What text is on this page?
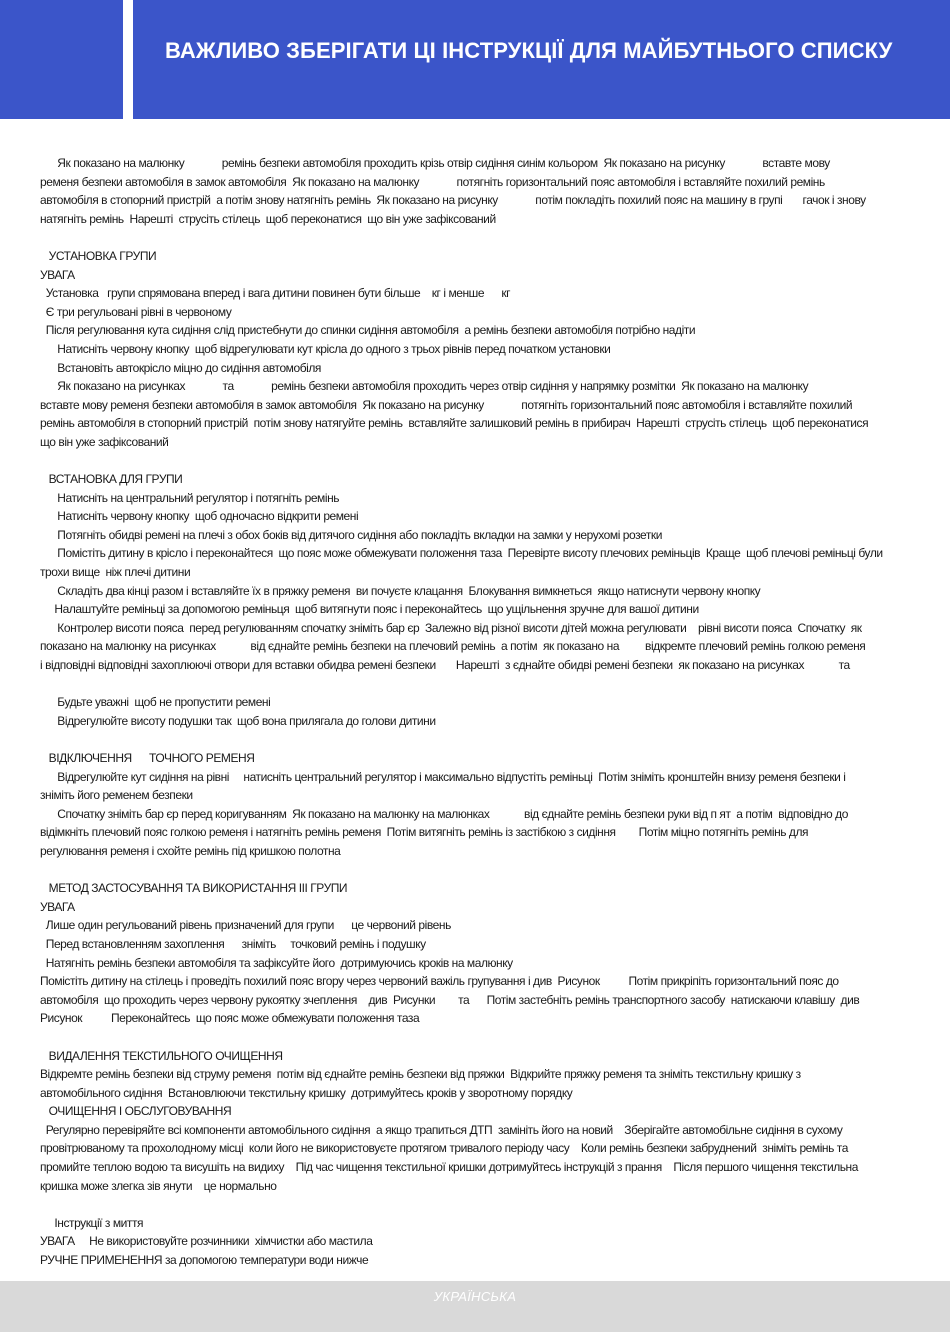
ВАЖЛИВО ЗБЕРІГАТИ ЦІ ІНСТРУКЦІЇ ДЛЯ МАЙБУТНЬОГО СПИСКУ

Як показано на малюнку             ремінь безпеки автомобіля проходить крізь отвір сидіння синім кольором  Як показано на рисунку             вставте мову

ременя безпеки автомобіля в замок автомобіля  Як показано на малюнку             потягніть горизонтальний пояс автомобіля і вставляйте похилий ремінь

автомобіля в стопорний пристрій  а потім знову натягніть ремінь  Як показано на рисунку             потім покладіть похилий пояс на машину в групі       гачок і знову

натягніть ремінь  Нарешті  струсіть стілець  щоб переконатися  що він уже зафіксований

УСТАНОВКА ГРУПИ

УВАГА

Установка   групи спрямована вперед і вага дитини повинен бути більше    кг і менше      кг

Є три регульовані рівні в червоному

Після регулювання кута сидіння слід пристебнути до спинки сидіння автомобіля  а ремінь безпеки автомобіля потрібно надіти

Натисніть червону кнопку  щоб відрегулювати кут крісла до одного з трьох рівнів перед початком установки

Встановіть автокрісло міцно до сидіння автомобіля

Як показано на рисунках             та             ремінь безпеки автомобіля проходить через отвір сидіння у напрямку розмітки  Як показано на малюнку

вставте мову ременя безпеки автомобіля в замок автомобіля  Як показано на рисунку             потягніть горизонтальний пояс автомобіля і вставляйте похилий

ремінь автомобіля в стопорний пристрій  потім знову натягуйте ремінь  вставляйте залишковий ремінь в прибирач  Нарешті  струсіть стілець  щоб переконатися

що він уже зафіксований

ВСТАНОВКА ДЛЯ ГРУПИ

Натисніть на центральний регулятор і потягніть ремінь

Натисніть червону кнопку  щоб одночасно відкрити ремені

Потягніть обидві ремені на плечі з обох боків від дитячого сидіння або покладіть вкладки на замки у нерухомі розетки

Помістіть дитину в крісло і переконайтеся  що пояс може обмежувати положення таза  Перевірте висоту плечових реміньців  Краще  щоб плечові реміньці були

трохи вище  ніж плечі дитини

Складіть два кінці разом і вставляйте їх в пряжку ременя  ви почуєте клацання  Блокування вимкнеться  якщо натиснути червону кнопку

Налаштуйте реміньці за допомогою реміньця  щоб витягнути пояс і переконайтесь  що ущільнення зручне для вашої дитини

Контролер висоти пояса  перед регулюванням спочатку зніміть бар єр  Залежно від різної висоти дітей можна регулювати    рівні висоти пояса  Спочатку  як

показано на малюнку на рисунках            від єднайте ремінь безпеки на плечовий ремінь  а потім  як показано на         відкремте плечовий ремінь голкою ременя

і відповідні відповідні захоплюючі отвори для вставки обидва ремені безпеки       Нарешті  з єднайте обидві ремені безпеки  як показано на рисунках            та

Будьте уважні  щоб не пропустити ремені

Відрегулюйте висоту подушки так  щоб вона прилягала до голови дитини

ВІДКЛЮЧЕННЯ      ТОЧНОГО РЕМЕНЯ

Відрегулюйте кут сидіння на рівні     натисніть центральний регулятор і максимально відпустіть реміньці  Потім зніміть кронштейн внизу ременя безпеки і

зніміть його ременем безпеки

Спочатку зніміть бар єр перед коригуванням  Як показано на малюнку на малюнках            від єднайте ремінь безпеки руки від п ят  а потім  відповідно до

відімкніть плечовий пояс голкою ременя і натягніть ремінь ременя  Потім витягніть ремінь із застібкою з сидіння        Потім міцно потягніть ремінь для

регулювання ременя і схойте ремінь під кришкою полотна

МЕТОД ЗАСТОСУВАННЯ ТА ВИКОРИСТАННЯ ІІІ ГРУПИ

УВАГА

Лише один регульований рівень призначений для групи      це червоний рівень

Перед встановленням захоплення      зніміть     точковий ремінь і подушку

Натягніть ремінь безпеки автомобіля та зафіксуйте його  дотримуючись кроків на малюнку

Помістіть дитину на стілець і проведіть похилий пояс вгору через червоний важіль групування і див  Рисунок          Потім прикріпіть горизонтальний пояс до

автомобіля  що проходить через червону рукоятку зчеплення    див  Рисунки        та      Потім застебніть ремінь транспортного засобу  натискаючи клавішу  див

Рисунок          Переконайтесь  що пояс може обмежувати положення таза

ВИДАЛЕННЯ ТЕКСТИЛЬНОГО ОЧИЩЕННЯ

Відкремте ремінь безпеки від струму ременя  потім від єднайте ремінь безпеки від пряжки  Відкрийте пряжку ременя та зніміть текстильну кришку з

автомобільного сидіння  Встановлюючи текстильну кришку  дотримуйтесь кроків у зворотному порядку

ОЧИЩЕННЯ І ОБСЛУГОВУВАННЯ

Регулярно перевіряйте всі компоненти автомобільного сидіння  а якщо трапиться ДТП  замініть його на новий    Зберігайте автомобільне сидіння в сухому

провітрюваному та прохолодному місці  коли його не використовуєте протягом тривалого періоду часу    Коли ремінь безпеки забруднений  зніміть ремінь та

промийте теплою водою та висушіть на видиху    Під час чищення текстильної кришки дотримуйтесь інструкцій з прання    Після першого чищення текстильна

кришка може злегка зів янути    це нормально

Інструкції з миття

УВАГА     Не використовуйте розчинники  хімчистки або мастила

РУЧНЕ ПРИМЕНЕННЯ за допомогою температури води нижче

УКРАЇНСЬКА
